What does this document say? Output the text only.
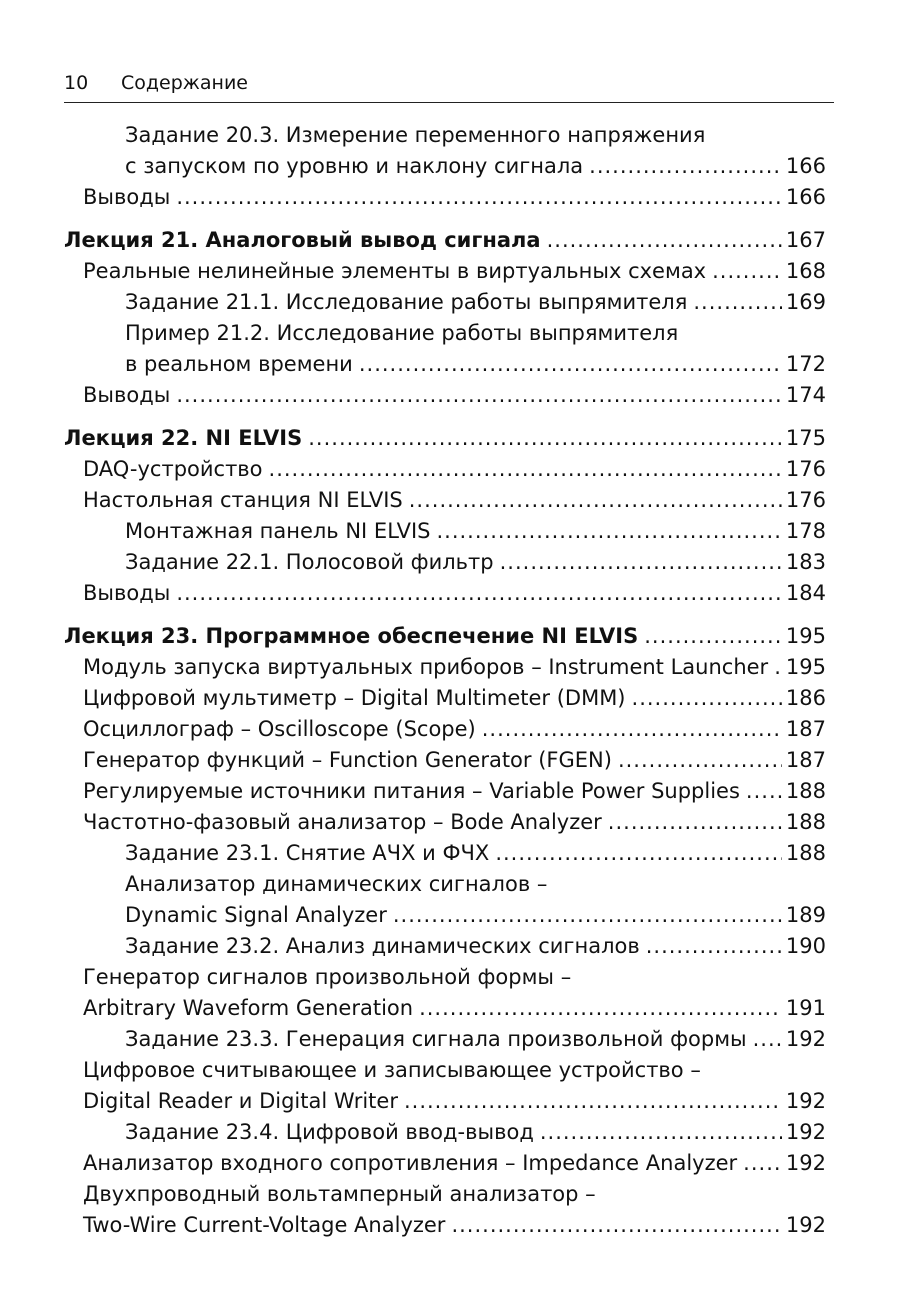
10 Содержание
Задание 20.3. Измерение переменного напряжения
с запуском по уровню и наклону сигнала .....	166
Выводы .....	166
Лекция 21. Аналоговый вывод сигнала .....	167
Реальные нелинейные элементы в виртуальных схемах .....	168
Задание 21.1. Исследование работы выпрямителя .....	169
Пример 21.2. Исследование работы выпрямителя
в реальном времени .....	172
Выводы .....	174
Лекция 22. NI ELVIS .....	175
DAQ-устройство .....	176
Настольная станция NI ELVIS .....	176
Монтажная панель NI ELVIS .....	178
Задание 22.1. Полосовой фильтр .....	183
Выводы .....	184
Лекция 23. Программное обеспечение NI ELVIS .....	195
Модуль запуска виртуальных приборов – Instrument Launcher ..... 195
Цифровой мультиметр – Digital Multimeter (DMM) .....	186
Осциллограф – Oscilloscope (Scope) .....	187
Генератор функций – Function Generator (FGEN) .....	187
Регулируемые источники питания – Variable Power Supplies ..... 188
Частотно-фазовый анализатор – Bode Analyzer .....	188
Задание 23.1. Снятие АЧХ и ФЧХ .....	188
Анализатор динамических сигналов –
Dynamic Signal Analyzer .....	189
Задание 23.2. Анализ динамических сигналов .....	190
Генератор сигналов произвольной формы –
Arbitrary Waveform Generation .....	191
Задание 23.3. Генерация сигнала произвольной формы ..... 192
Цифровое считывающее и записывающее устройство –
Digital Reader и Digital Writer .....	192
Задание 23.4. Цифровой ввод-вывод .....	192
Анализатор входного сопротивления – Impedance Analyzer ..... 192
Двухпроводный вольтамперный анализатор –
Two-Wire Current-Voltage Analyzer .....	192
